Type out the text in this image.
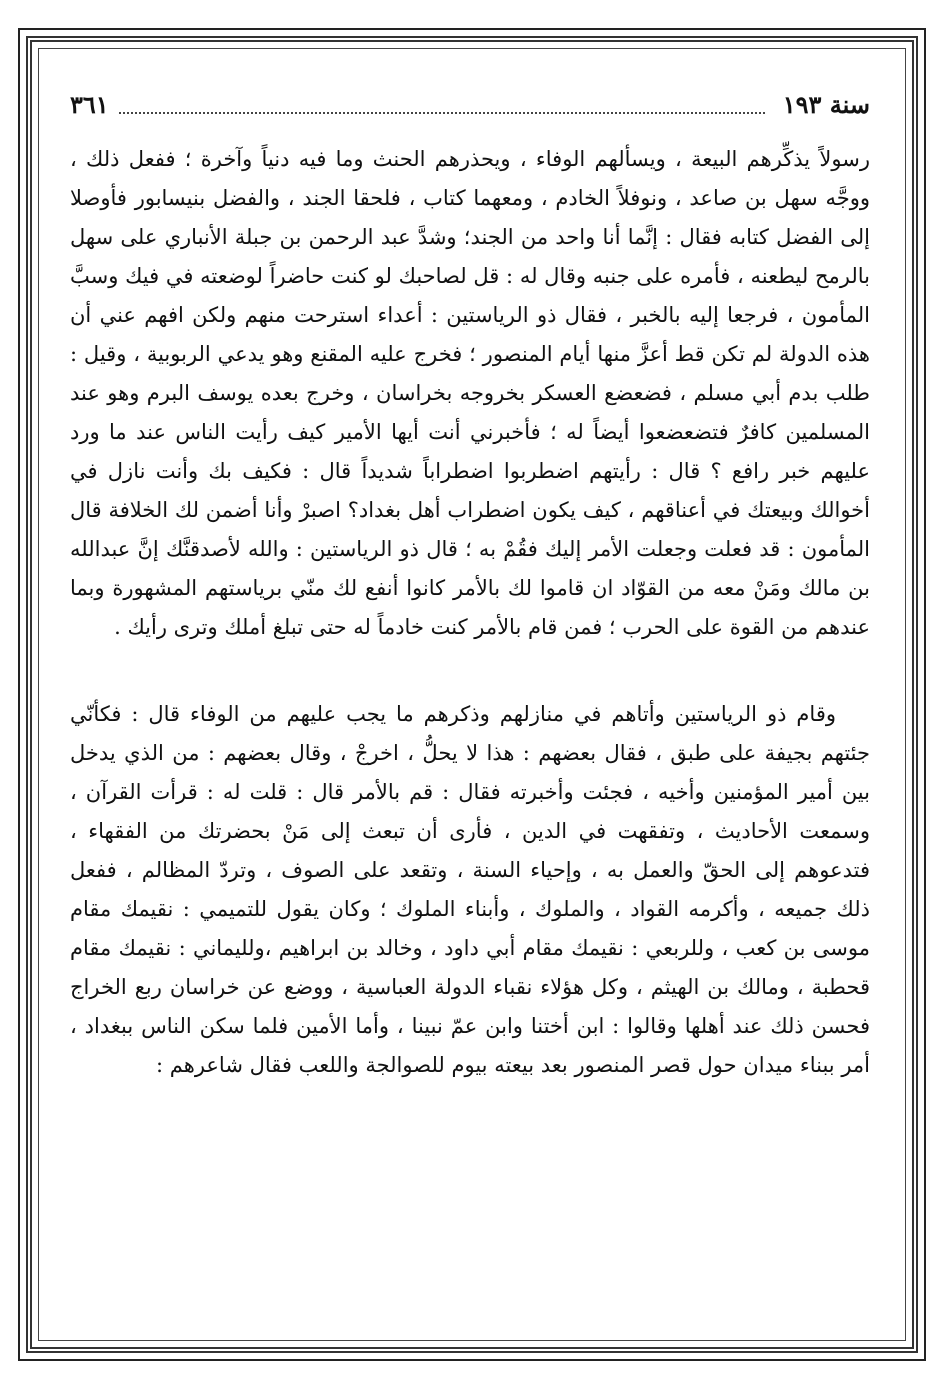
سنة ١٩٣
٣٦١

رسولاً يذكِّرهم البيعة ، ويسألهم الوفاء ، ويحذرهم الحنث وما فيه دنياً وآخرة ؛ ففعل ذلك ، ووجَّه سهل بن صاعد ، ونوفلاً الخادم ، ومعهما كتاب ، فلحقا الجند ، والفضل بنيسابور فأوصلا إلى الفضل كتابه فقال : إنَّما أنا واحد من الجند؛ وشدَّ عبد الرحمن بن جبلة الأنباري على سهل بالرمح ليطعنه ، فأمره على جنبه وقال له : قل لصاحبك لو كنت حاضراً لوضعته في فيك وسبَّ المأمون ، فرجعا إليه بالخبر ، فقال ذو الرياستين : أعداء استرحت منهم ولكن افهم عني أن هذه الدولة لم تكن قط أعزَّ منها أيام المنصور ؛ فخرج عليه المقنع وهو يدعي الربوبية ، وقيل : طلب بدم أبي مسلم ، فضعضع العسكر بخروجه بخراسان ، وخرج بعده يوسف البرم وهو عند المسلمين كافرٌ فتضعضعوا أيضاً له ؛ فأخبرني أنت أيها الأمير كيف رأيت الناس عند ما ورد عليهم خبر رافع ؟ قال : رأيتهم اضطربوا اضطراباً شديداً قال : فكيف بك وأنت نازل في أخوالك وبيعتك في أعناقهم ، كيف يكون اضطراب أهل بغداد؟ اصبرْ وأنا أضمن لك الخلافة قال المأمون : قد فعلت وجعلت الأمر إليك فقُمْ به ؛ قال ذو الرياستين : والله لأصدقنَّك إنَّ عبدالله بن مالك ومَنْ معه من القوّاد ان قاموا لك بالأمر كانوا أنفع لك منّي برياستهم المشهورة وبما عندهم من القوة على الحرب ؛ فمن قام بالأمر كنت خادماً له حتى تبلغ أملك وترى رأيك .

وقام ذو الرياستين وأتاهم في منازلهم وذكرهم ما يجب عليهم من الوفاء قال : فكأنّي جئتهم بجيفة على طبق ، فقال بعضهم : هذا لا يحلُّ ، اخرجْ ، وقال بعضهم : من الذي يدخل بين أمير المؤمنين وأخيه ، فجئت وأخبرته فقال : قم بالأمر قال : قلت له : قرأت القرآن ، وسمعت الأحاديث ، وتفقهت في الدين ، فأرى أن تبعث إلى مَنْ بحضرتك من الفقهاء ، فتدعوهم إلى الحقّ والعمل به ، وإحياء السنة ، وتقعد على الصوف ، وتردّ المظالم ، ففعل ذلك جميعه ، وأكرمه القواد ، والملوك ، وأبناء الملوك ؛ وكان يقول للتميمي : نقيمك مقام موسى بن كعب ، وللربعي : نقيمك مقام أبي داود ، وخالد بن ابراهيم ،ولليماني : نقيمك مقام قحطبة ، ومالك بن الهيثم ، وكل هؤلاء نقباء الدولة العباسية ، ووضع عن خراسان ربع الخراج فحسن ذلك عند أهلها وقالوا : ابن أختنا وابن عمّ نبينا ، وأما الأمين فلما سكن الناس ببغداد ، أمر ببناء ميدان حول قصر المنصور بعد بيعته بيوم للصوالجة واللعب فقال شاعرهم :
